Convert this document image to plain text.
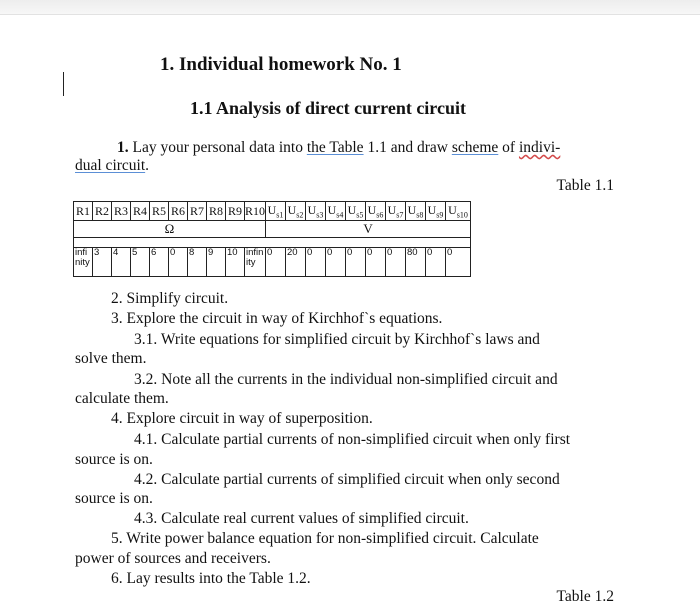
1. Individual homework No. 1
1.1 Analysis of direct current circuit
1. Lay your personal data into the Table 1.1 and draw scheme of indivi-
dual circuit.
Table 1.1
R1	R2	R3	R4	R5	R6	R7	R8	R9	R10	$U_{s1}$	$U_{s2}$	$U_{s3}$	$U_{s4}$	$U_{s5}$	$U_{s6}$	$U_{s7}$	$U_{s8}$	$U_{s9}$	$U_{s10}$
Ω										V									

infinity	3	4	5	6	0	8	9	10	infinity	0	20	0	0	0	0	0	80	0	0
2. Simplify circuit.
3. Explore the circuit in way of Kirchhof`s equations.
3.1. Write equations for simplified circuit by Kirchhof`s laws and
solve them.
3.2. Note all the currents in the individual non-simplified circuit and
calculate them.
4. Explore circuit in way of superposition.
4.1. Calculate partial currents of non-simplified circuit when only first
source is on.
4.2. Calculate partial currents of simplified circuit when only second
source is on.
4.3. Calculate real current values of simplified circuit.
5. Write power balance equation for non-simplified circuit. Calculate
power of sources and receivers.
6. Lay results into the Table 1.2.
Table 1.2
